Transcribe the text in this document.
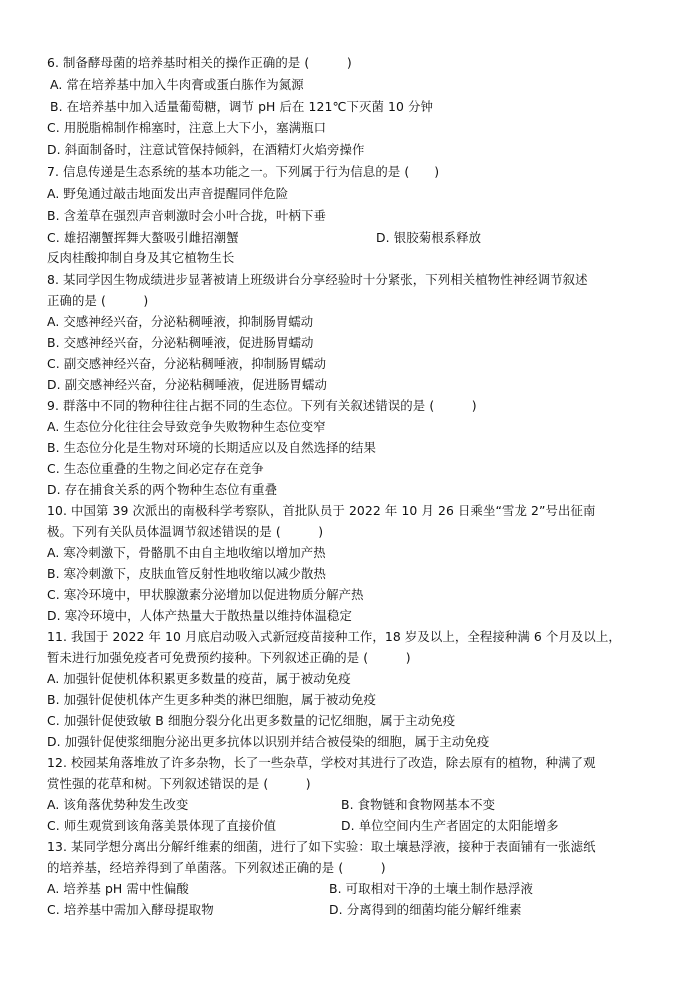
6. 制备酵母菌的培养基时相关的操作正确的是 (　　　)
A. 常在培养基中加入牛肉膏或蛋白胨作为氮源
B. 在培养基中加入适量葡萄糖，调节 pH 后在 121℃下灭菌 10 分钟
C. 用脱脂棉制作棉塞时，注意上大下小，塞满瓶口
D. 斜面制备时，注意试管保持倾斜，在酒精灯火焰旁操作
7. 信息传递是生态系统的基本功能之一。下列属于行为信息的是 (　　)
A. 野兔通过敲击地面发出声音提醒同伴危险
B. 含羞草在强烈声音刺激时会小叶合拢，叶柄下垂
C. 雄招潮蟹挥舞大螯吸引雌招潮蟹	D. 银胶菊根系释放
反肉桂酸抑制自身及其它植物生长
8. 某同学因生物成绩进步显著被请上班级讲台分享经验时十分紧张，下列相关植物性神经调节叙述
正确的是 (　　　)
A. 交感神经兴奋，分泌粘稠唾液，抑制肠胃蠕动
B. 交感神经兴奋，分泌粘稠唾液，促进肠胃蠕动
C. 副交感神经兴奋，分泌粘稠唾液，抑制肠胃蠕动
D. 副交感神经兴奋，分泌粘稠唾液，促进肠胃蠕动
9. 群落中不同的物种往往占据不同的生态位。下列有关叙述错误的是 (　　　)
A. 生态位分化往往会导致竞争失败物种生态位变窄
B. 生态位分化是生物对环境的长期适应以及自然选择的结果
C. 生态位重叠的生物之间必定存在竞争
D. 存在捕食关系的两个物种生态位有重叠
10. 中国第 39 次派出的南极科学考察队，首批队员于 2022 年 10 月 26 日乘坐“雪龙 2”号出征南
极。下列有关队员体温调节叙述错误的是 (　　　)
A. 寒冷刺激下，骨骼肌不由自主地收缩以增加产热
B. 寒冷刺激下，皮肤血管反射性地收缩以减少散热
C. 寒冷环境中，甲状腺激素分泌增加以促进物质分解产热
D. 寒冷环境中，人体产热量大于散热量以维持体温稳定
11. 我国于 2022 年 10 月底启动吸入式新冠疫苗接种工作，18 岁及以上，全程接种满 6 个月及以上，
暂未进行加强免疫者可免费预约接种。下列叙述正确的是 (　　　)
A. 加强针促使机体积累更多数量的疫苗，属于被动免疫
B. 加强针促使机体产生更多种类的淋巴细胞，属于被动免疫
C. 加强针促使致敏 B 细胞分裂分化出更多数量的记忆细胞，属于主动免疫
D. 加强针促使浆细胞分泌出更多抗体以识别并结合被侵染的细胞，属于主动免疫
12. 校园某角落堆放了许多杂物，长了一些杂草，学校对其进行了改造，除去原有的植物，种满了观
赏性强的花草和树。下列叙述错误的是 (　　　)
A. 该角落优势种发生改变	B. 食物链和食物网基本不变
C. 师生观赏到该角落美景体现了直接价值	D. 单位空间内生产者固定的太阳能增多
13. 某同学想分离出分解纤维素的细菌，进行了如下实验：取土壤悬浮液，接种于表面铺有一张滤纸
的培养基，经培养得到了单菌落。下列叙述正确的是 (　　　)
A. 培养基 pH 需中性偏酸	B. 可取相对干净的土壤土制作悬浮液
C. 培养基中需加入酵母提取物	D. 分离得到的细菌均能分解纤维素
